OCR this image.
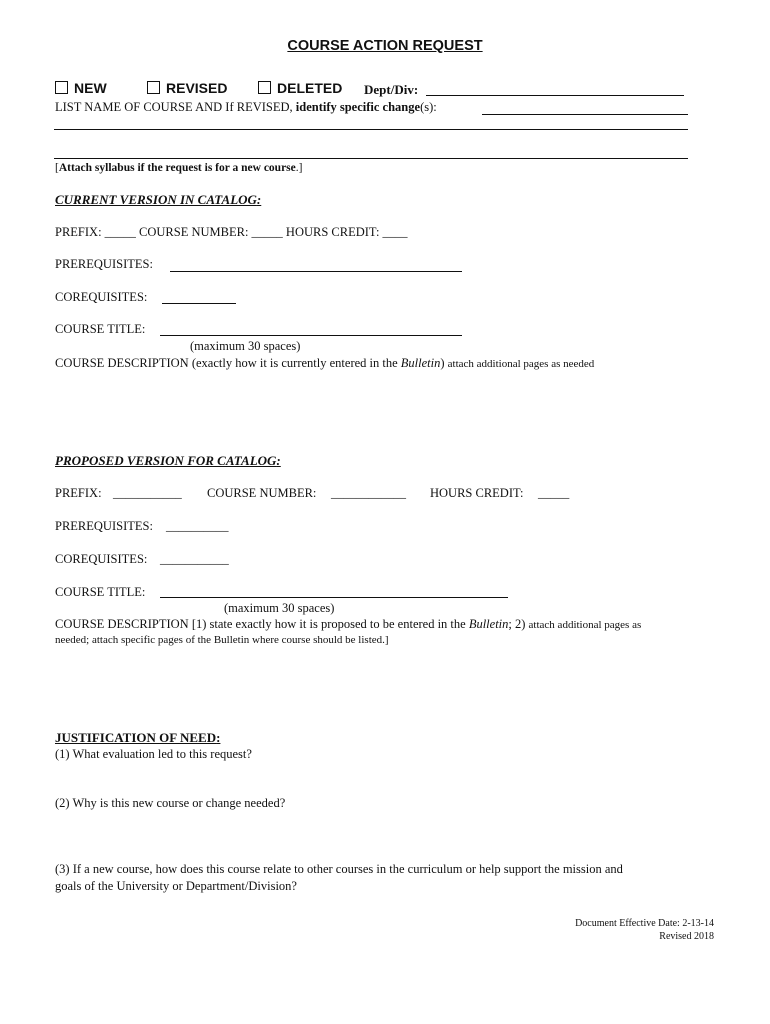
COURSE ACTION REQUEST
NEW	REVISED	DELETED Dept/Div:
LIST NAME OF COURSE AND If REVISED, identify specific change(s):
[Attach syllabus if the request is for a new course.]
CURRENT VERSION IN CATALOG:
PREFIX: _____ COURSE NUMBER: _____ HOURS CREDIT: ____
PREREQUISITES:
COREQUISITES:
COURSE TITLE:
(maximum 30 spaces)
COURSE DESCRIPTION (exactly how it is currently entered in the Bulletin) attach additional pages as needed
PROPOSED VERSION FOR CATALOG:
PREFIX: ___________ COURSE NUMBER: ____________ HOURS CREDIT: _____
PREREQUISITES: __________
COREQUISITES: ___________
COURSE TITLE:
(maximum 30 spaces)
COURSE DESCRIPTION [1) state exactly how it is proposed to be entered in the Bulletin; 2) attach additional pages as
needed; attach specific pages of the Bulletin where course should be listed.]
JUSTIFICATION OF NEED:
(1) What evaluation led to this request?
(2) Why is this new course or change needed?
(3) If a new course, how does this course relate to other courses in the curriculum or help support the mission and
goals of the University or Department/Division?
Document Effective Date: 2-13-14
Revised 2018
